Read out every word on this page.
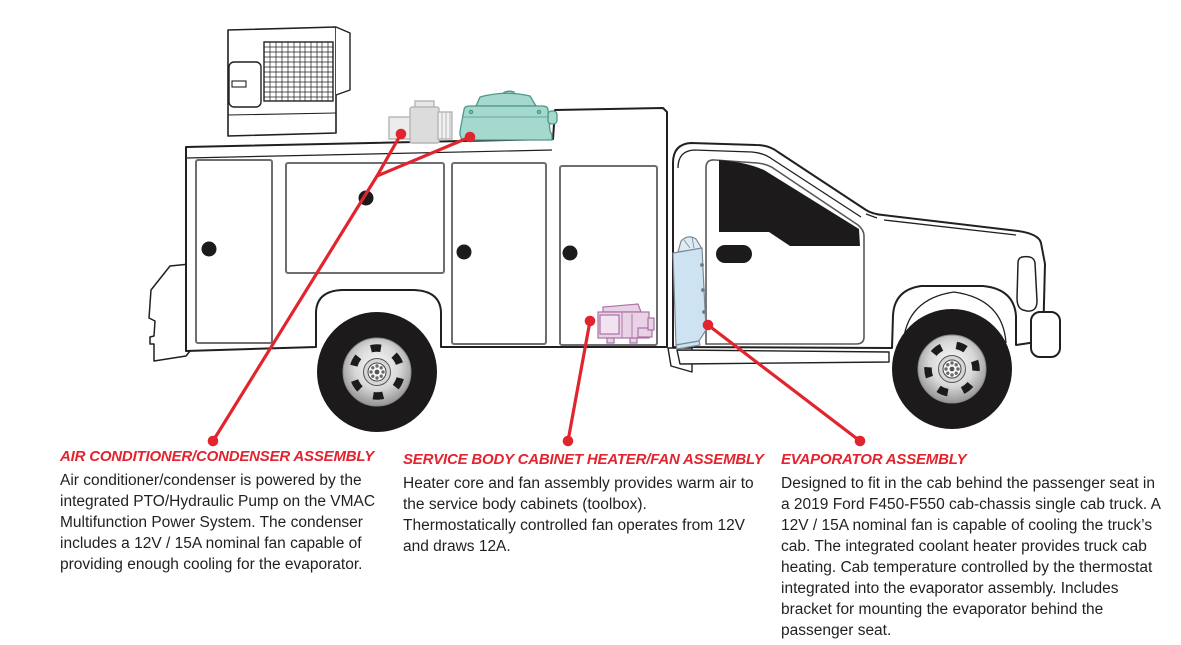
AIR CONDITIONER/CONDENSER ASSEMBLY
Air conditioner/condenser is powered by the integrated PTO/Hydraulic Pump on the VMAC Multifunction Power System. The condenser includes a 12V / 15A nominal fan capable of providing enough cooling for the evaporator.
SERVICE BODY CABINET HEATER/FAN ASSEMBLY
Heater core and fan assembly provides warm air to the service body cabinets (toolbox). Thermostatically controlled fan operates from 12V and draws 12A.
EVAPORATOR ASSEMBLY
Designed to fit in the cab behind the passenger seat in a 2019 Ford F450-F550 cab-chassis single cab truck. A 12V / 15A nominal fan is capable of cooling the truck’s cab. The integrated coolant heater provides truck cab heating. Cab temperature controlled by the thermostat integrated into the evaporator assembly. Includes bracket for mounting the evaporator behind the passenger seat.
